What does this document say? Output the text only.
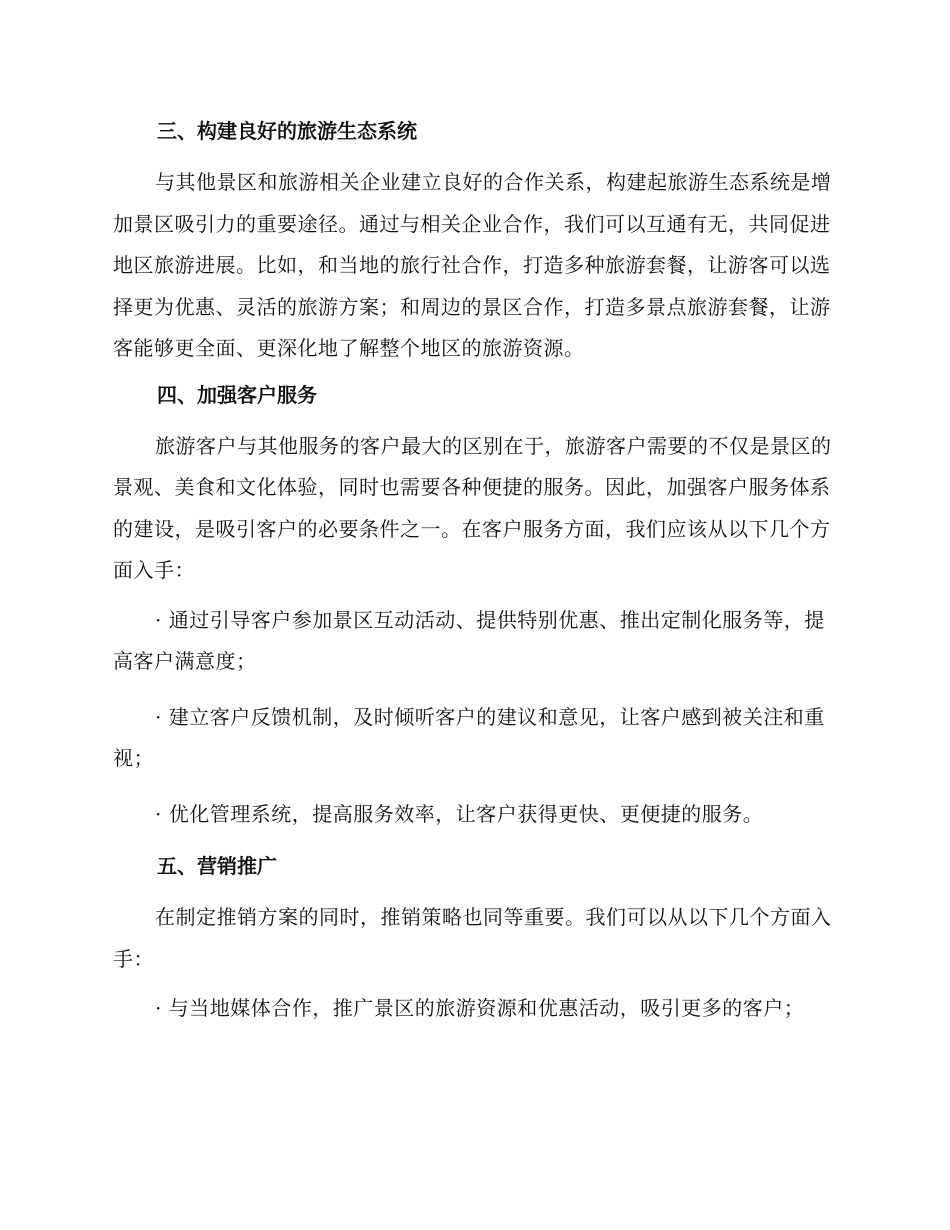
三、构建良好的旅游生态系统
与其他景区和旅游相关企业建立良好的合作关系，构建起旅游生态系统是增加景区吸引力的重要途径。通过与相关企业合作，我们可以互通有无，共同促进地区旅游进展。比如，和当地的旅行社合作，打造多种旅游套餐，让游客可以选择更为优惠、灵活的旅游方案；和周边的景区合作，打造多景点旅游套餐，让游客能够更全面、更深化地了解整个地区的旅游资源。
四、加强客户服务
旅游客户与其他服务的客户最大的区别在于，旅游客户需要的不仅是景区的景观、美食和文化体验，同时也需要各种便捷的服务。因此，加强客户服务体系的建设，是吸引客户的必要条件之一。在客户服务方面，我们应该从以下几个方面入手：
· 通过引导客户参加景区互动活动、提供特别优惠、推出定制化服务等，提高客户满意度；
· 建立客户反馈机制，及时倾听客户的建议和意见，让客户感到被关注和重视；
· 优化管理系统，提高服务效率，让客户获得更快、更便捷的服务。
五、营销推广
在制定推销方案的同时，推销策略也同等重要。我们可以从以下几个方面入手：
· 与当地媒体合作，推广景区的旅游资源和优惠活动，吸引更多的客户；
